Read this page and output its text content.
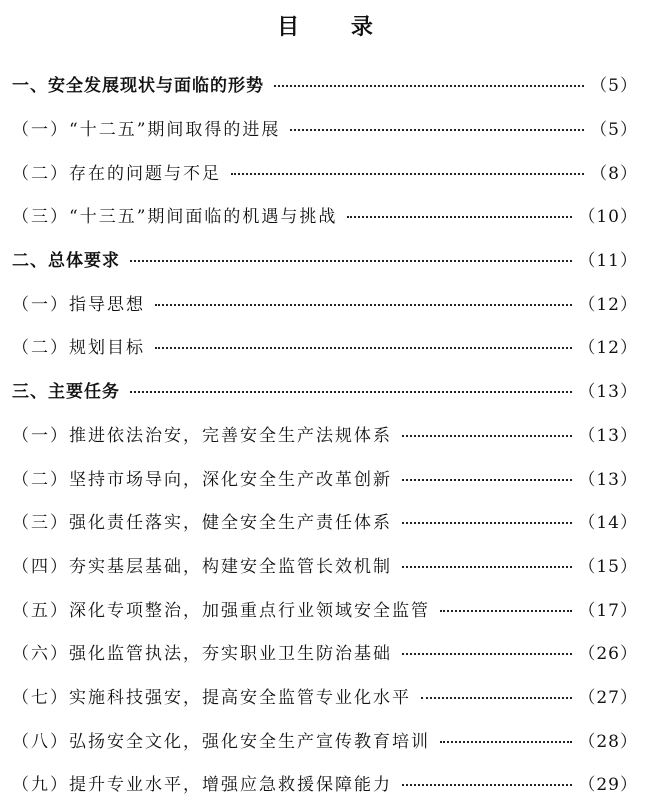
目 录
一、安全发展现状与面临的形势	（5）
（一）“十二五”期间取得的进展	（5）
（二）存在的问题与不足	（8）
（三）“十三五”期间面临的机遇与挑战	（10）
二、总体要求	（11）
（一）指导思想	（12）
（二）规划目标	（12）
三、主要任务	（13）
（一）推进依法治安，完善安全生产法规体系	（13）
（二）坚持市场导向，深化安全生产改革创新	（13）
（三）强化责任落实，健全安全生产责任体系	（14）
（四）夯实基层基础，构建安全监管长效机制	（15）
（五）深化专项整治，加强重点行业领域安全监管	（17）
（六）强化监管执法，夯实职业卫生防治基础	（26）
（七）实施科技强安，提高安全监管专业化水平	（27）
（八）弘扬安全文化，强化安全生产宣传教育培训	（28）
（九）提升专业水平，增强应急救援保障能力	（29）
